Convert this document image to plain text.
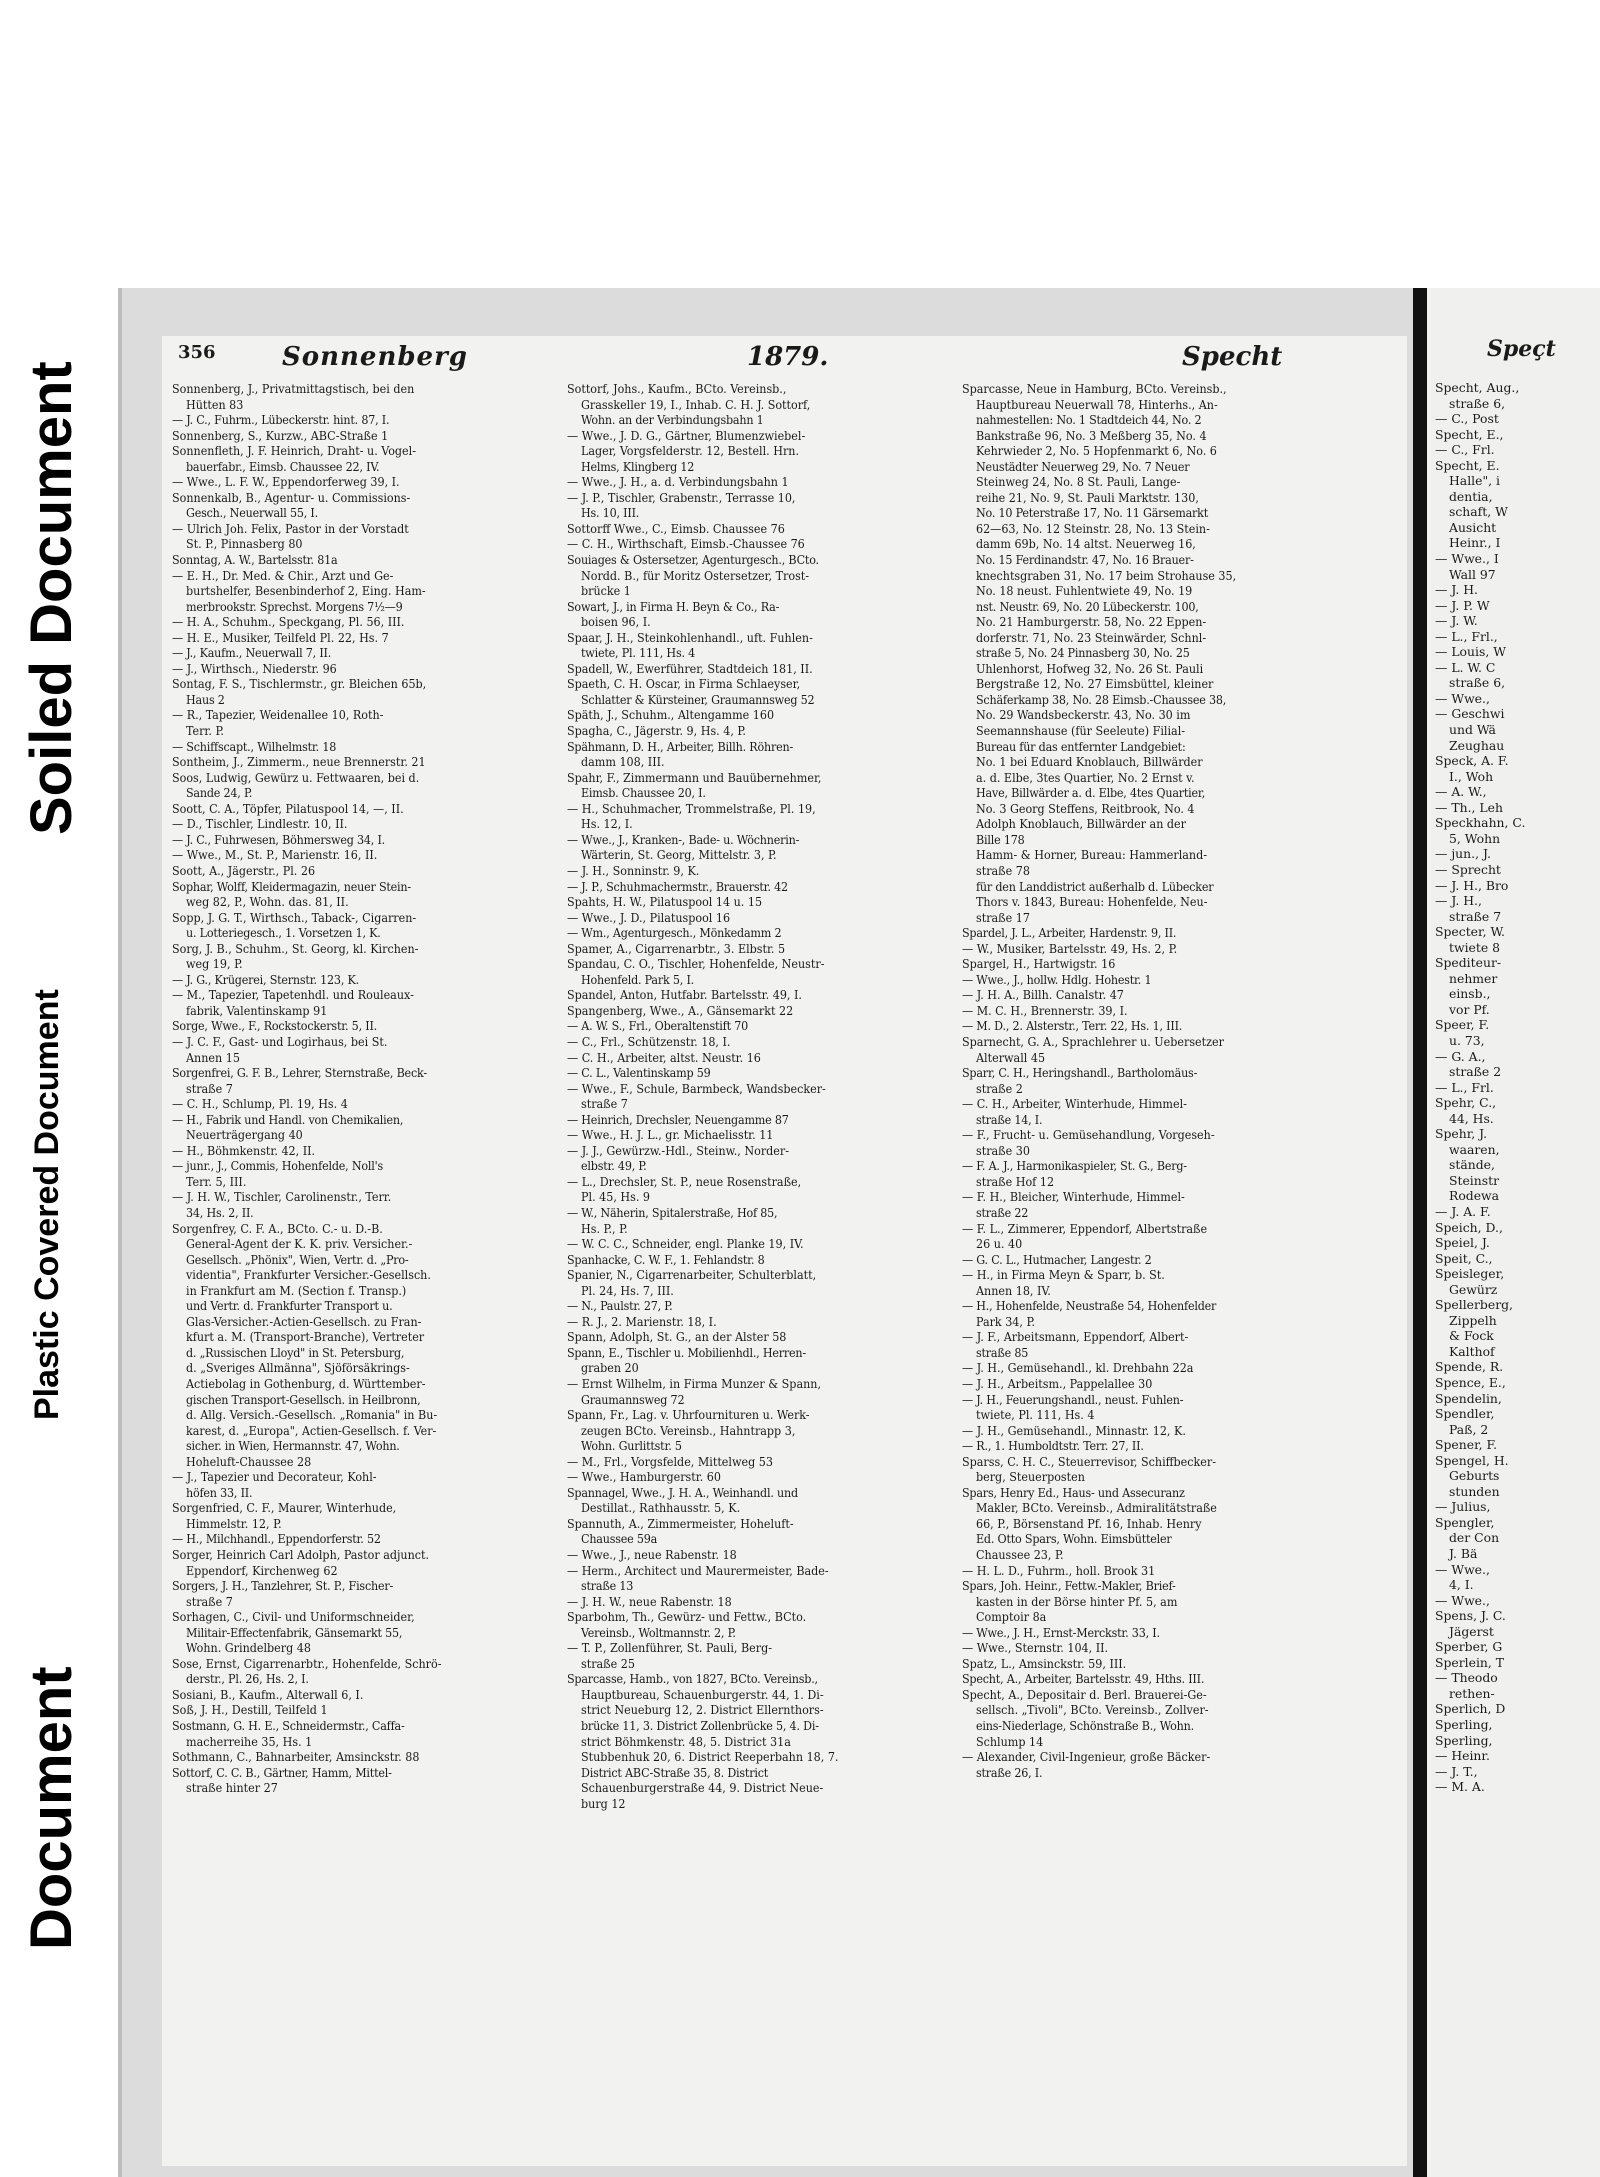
Soiled Document
Plastic Covered Document
Document
356	Sonnenberg	1879.	Specht
Sonnenberg, J., Privatmittagstisch, bei den
Hütten 83
— J. C., Fuhrm., Lübeckerstr. hint. 87, I.
Sonnenberg, S., Kurzw., ABC-Straße 1
Sonnenfleth, J. F. Heinrich, Draht- u. Vogel-
bauerfabr., Eimsb. Chaussee 22, IV.
— Wwe., L. F. W., Eppendorferweg 39, I.
Sonnenkalb, B., Agentur- u. Commissions-
Gesch., Neuerwall 55, I.
— Ulrich Joh. Felix, Pastor in der Vorstadt
St. P., Pinnasberg 80
Sonntag, A. W., Bartelsstr. 81a
— E. H., Dr. Med. & Chir., Arzt und Ge-
burtshelfer, Besenbinderhof 2, Eing. Ham-
merbrookstr. Sprechst. Morgens 7½—9
— H. A., Schuhm., Speckgang, Pl. 56, III.
— H. E., Musiker, Teilfeld Pl. 22, Hs. 7
— J., Kaufm., Neuerwall 7, II.
— J., Wirthsch., Niederstr. 96
Sontag, F. S., Tischlermstr., gr. Bleichen 65b,
Haus 2
— R., Tapezier, Weidenallee 10, Roth-
Terr. P.
— Schiffscapt., Wilhelmstr. 18
Sontheim, J., Zimmerm., neue Brennerstr. 21
Soos, Ludwig, Gewürz u. Fettwaaren, bei d.
Sande 24, P.
Soott, C. A., Töpfer, Pilatuspool 14, —, II.
— D., Tischler, Lindlestr. 10, II.
— J. C., Fuhrwesen, Böhmersweg 34, I.
— Wwe., M., St. P., Marienstr. 16, II.
Soott, A., Jägerstr., Pl. 26
Sophar, Wolff, Kleidermagazin, neuer Stein-
weg 82, P., Wohn. das. 81, II.
Sopp, J. G. T., Wirthsch., Taback-, Cigarren-
u. Lotteriegesch., 1. Vorsetzen 1, K.
Sorg, J. B., Schuhm., St. Georg, kl. Kirchen-
weg 19, P.
— J. G., Krügerei, Sternstr. 123, K.
— M., Tapezier, Tapetenhdl. und Rouleaux-
fabrik, Valentinskamp 91
Sorge, Wwe., F., Rockstockerstr. 5, II.
— J. C. F., Gast- und Logirhaus, bei St.
Annen 15
Sorgenfrei, G. F. B., Lehrer, Sternstraße, Beck-
straße 7
— C. H., Schlump, Pl. 19, Hs. 4
— H., Fabrik und Handl. von Chemikalien,
Neuerträgergang 40
— H., Böhmkenstr. 42, II.
— junr., J., Commis, Hohenfelde, Noll's
Terr. 5, III.
— J. H. W., Tischler, Carolinenstr., Terr.
34, Hs. 2, II.
Sorgenfrey, C. F. A., BCto. C.- u. D.-B.
General-Agent der K. K. priv. Versicher.-
Gesellsch. „Phönix", Wien, Vertr. d. „Pro-
videntia", Frankfurter Versicher.-Gesellsch.
in Frankfurt am M. (Section f. Transp.)
und Vertr. d. Frankfurter Transport u.
Glas-Versicher.-Actien-Gesellsch. zu Fran-
kfurt a. M. (Transport-Branche), Vertreter
d. „Russischen Lloyd" in St. Petersburg,
d. „Sveriges Allmänna", Sjöförsäkrings-
Actiebolag in Gothenburg, d. Württember-
gischen Transport-Gesellsch. in Heilbronn,
d. Allg. Versich.-Gesellsch. „Romania" in Bu-
karest, d. „Europa", Actien-Gesellsch. f. Ver-
sicher. in Wien, Hermannstr. 47, Wohn.
Hoheluft-Chaussee 28
— J., Tapezier und Decorateur, Kohl-
höfen 33, II.
Sorgenfried, C. F., Maurer, Winterhude,
Himmelstr. 12, P.
— H., Milchhandl., Eppendorferstr. 52
Sorger, Heinrich Carl Adolph, Pastor adjunct.
Eppendorf, Kirchenweg 62
Sorgers, J. H., Tanzlehrer, St. P., Fischer-
straße 7
Sorhagen, C., Civil- und Uniformschneider,
Militair-Effectenfabrik, Gänsemarkt 55,
Wohn. Grindelberg 48
Sose, Ernst, Cigarrenarbtr., Hohenfelde, Schrö-
derstr., Pl. 26, Hs. 2, I.
Sosiani, B., Kaufm., Alterwall 6, I.
Soß, J. H., Destill, Teilfeld 1
Sostmann, G. H. E., Schneidermstr., Caffa-
macherreihe 35, Hs. 1
Sothmann, C., Bahnarbeiter, Amsinckstr. 88
Sottorf, C. C. B., Gärtner, Hamm, Mittel-
straße hinter 27
Sottorf, Johs., Kaufm., BCto. Vereinsb.,
Grasskeller 19, I., Inhab. C. H. J. Sottorf,
Wohn. an der Verbindungsbahn 1
— Wwe., J. D. G., Gärtner, Blumenzwiebel-
Lager, Vorgsfelderstr. 12, Bestell. Hrn.
Helms, Klingberg 12
— Wwe., J. H., a. d. Verbindungsbahn 1
— J. P., Tischler, Grabenstr., Terrasse 10,
Hs. 10, III.
Sottorff Wwe., C., Eimsb. Chaussee 76
— C. H., Wirthschaft, Eimsb.-Chaussee 76
Souiages & Ostersetzer, Agenturgesch., BCto.
Nordd. B., für Moritz Ostersetzer, Trost-
brücke 1
Sowart, J., in Firma H. Beyn & Co., Ra-
boisen 96, I.
Spaar, J. H., Steinkohlenhandl., uft. Fuhlen-
twiete, Pl. 111, Hs. 4
Spadell, W., Ewerführer, Stadtdeich 181, II.
Spaeth, C. H. Oscar, in Firma Schlaeyser,
Schlatter & Kürsteiner, Graumannsweg 52
Späth, J., Schuhm., Altengamme 160
Spagha, C., Jägerstr. 9, Hs. 4, P.
Spähmann, D. H., Arbeiter, Billh. Röhren-
damm 108, III.
Spahr, F., Zimmermann und Bauübernehmer,
Eimsb. Chaussee 20, I.
— H., Schuhmacher, Trommelstraße, Pl. 19,
Hs. 12, I.
— Wwe., J., Kranken-, Bade- u. Wöchnerin-
Wärterin, St. Georg, Mittelstr. 3, P.
— J. H., Sonninstr. 9, K.
— J. P., Schuhmachermstr., Brauerstr. 42
Spahts, H. W., Pilatuspool 14 u. 15
— Wwe., J. D., Pilatuspool 16
— Wm., Agenturgesch., Mönkedamm 2
Spamer, A., Cigarrenarbtr., 3. Elbstr. 5
Spandau, C. O., Tischler, Hohenfelde, Neustr-
Hohenfeld. Park 5, I.
Spandel, Anton, Hutfabr. Bartelsstr. 49, I.
Spangenberg, Wwe., A., Gänsemarkt 22
— A. W. S., Frl., Oberaltenstift 70
— C., Frl., Schützenstr. 18, I.
— C. H., Arbeiter, altst. Neustr. 16
— C. L., Valentinskamp 59
— Wwe., F., Schule, Barmbeck, Wandsbecker-
straße 7
— Heinrich, Drechsler, Neuengamme 87
— Wwe., H. J. L., gr. Michaelisstr. 11
— J. J., Gewürzw.-Hdl., Steinw., Norder-
elbstr. 49, P.
— L., Drechsler, St. P., neue Rosenstraße,
Pl. 45, Hs. 9
— W., Näherin, Spitalerstraße, Hof 85,
Hs. P., P.
— W. C. C., Schneider, engl. Planke 19, IV.
Spanhacke, C. W. F., 1. Fehlandstr. 8
Spanier, N., Cigarrenarbeiter, Schulterblatt,
Pl. 24, Hs. 7, III.
— N., Paulstr. 27, P.
— R. J., 2. Marienstr. 18, I.
Spann, Adolph, St. G., an der Alster 58
Spann, E., Tischler u. Mobilienhdl., Herren-
graben 20
— Ernst Wilhelm, in Firma Munzer & Spann,
Graumannsweg 72
Spann, Fr., Lag. v. Uhrfournituren u. Werk-
zeugen BCto. Vereinsb., Hahntrapp 3,
Wohn. Gurlittstr. 5
— M., Frl., Vorgsfelde, Mittelweg 53
— Wwe., Hamburgerstr. 60
Spannagel, Wwe., J. H. A., Weinhandl. und
Destillat., Rathhausstr. 5, K.
Spannuth, A., Zimmermeister, Hoheluft-
Chaussee 59a
— Wwe., J., neue Rabenstr. 18
— Herm., Architect und Maurermeister, Bade-
straße 13
— J. H. W., neue Rabenstr. 18
Sparbohm, Th., Gewürz- und Fettw., BCto.
Vereinsb., Woltmannstr. 2, P.
— T. P., Zollenführer, St. Pauli, Berg-
straße 25
Sparcasse, Hamb., von 1827, BCto. Vereinsb.,
Hauptbureau, Schauenburgerstr. 44, 1. Di-
strict Neueburg 12, 2. District Ellernthors-
brücke 11, 3. District Zollenbrücke 5, 4. Di-
strict Böhmkenstr. 48, 5. District 31a
Stubbenhuk 20, 6. District Reeperbahn 18, 7.
District ABC-Straße 35, 8. District
Schauenburgerstraße 44, 9. District Neue-
burg 12
Sparcasse, Neue in Hamburg, BCto. Vereinsb.,
Hauptbureau Neuerwall 78, Hinterhs., An-
nahmestellen: No. 1 Stadtdeich 44, No. 2
Bankstraße 96, No. 3 Meßberg 35, No. 4
Kehrwieder 2, No. 5 Hopfenmarkt 6, No. 6
Neustädter Neuerweg 29, No. 7 Neuer
Steinweg 24, No. 8 St. Pauli, Lange-
reihe 21, No. 9, St. Pauli Marktstr. 130,
No. 10 Peterstraße 17, No. 11 Gärsemarkt
62—63, No. 12 Steinstr. 28, No. 13 Stein-
damm 69b, No. 14 altst. Neuerweg 16,
No. 15 Ferdinandstr. 47, No. 16 Brauer-
knechtsgraben 31, No. 17 beim Strohause 35,
No. 18 neust. Fuhlentwiete 49, No. 19
nst. Neustr. 69, No. 20 Lübeckerstr. 100,
No. 21 Hamburgerstr. 58, No. 22 Eppen-
dorferstr. 71, No. 23 Steinwärder, Schnl-
straße 5, No. 24 Pinnasberg 30, No. 25
Uhlenhorst, Hofweg 32, No. 26 St. Pauli
Bergstraße 12, No. 27 Eimsbüttel, kleiner
Schäferkamp 38, No. 28 Eimsb.-Chaussee 38,
No. 29 Wandsbeckerstr. 43, No. 30 im
Seemannshause (für Seeleute) Filial-
Bureau für das entfernter Landgebiet:
No. 1 bei Eduard Knoblauch, Billwärder
a. d. Elbe, 3tes Quartier, No. 2 Ernst v.
Have, Billwärder a. d. Elbe, 4tes Quartier,
No. 3 Georg Steffens, Reitbrook, No. 4
Adolph Knoblauch, Billwärder an der
Bille 178
Hamm- & Horner, Bureau: Hammerland-
straße 78
für den Landdistrict außerhalb d. Lübecker
Thors v. 1843, Bureau: Hohenfelde, Neu-
straße 17
Spardel, J. L., Arbeiter, Hardenstr. 9, II.
— W., Musiker, Bartelsstr. 49, Hs. 2, P.
Spargel, H., Hartwigstr. 16
— Wwe., J., hollw. Hdlg. Hohestr. 1
— J. H. A., Billh. Canalstr. 47
— M. C. H., Brennerstr. 39, I.
— M. D., 2. Alsterstr., Terr. 22, Hs. 1, III.
Sparnecht, G. A., Sprachlehrer u. Uebersetzer
Alterwall 45
Sparr, C. H., Heringshandl., Bartholomäus-
straße 2
— C. H., Arbeiter, Winterhude, Himmel-
straße 14, I.
— F., Frucht- u. Gemüsehandlung, Vorgeseh-
straße 30
— F. A. J., Harmonikaspieler, St. G., Berg-
straße Hof 12
— F. H., Bleicher, Winterhude, Himmel-
straße 22
— F. L., Zimmerer, Eppendorf, Albertstraße
26 u. 40
— G. C. L., Hutmacher, Langestr. 2
— H., in Firma Meyn & Sparr, b. St.
Annen 18, IV.
— H., Hohenfelde, Neustraße 54, Hohenfelder
Park 34, P.
— J. F., Arbeitsmann, Eppendorf, Albert-
straße 85
— J. H., Gemüsehandl., kl. Drehbahn 22a
— J. H., Arbeitsm., Pappelallee 30
— J. H., Feuerungshandl., neust. Fuhlen-
twiete, Pl. 111, Hs. 4
— J. H., Gemüsehandl., Minnastr. 12, K.
— R., 1. Humboldtstr. Terr. 27, II.
Sparss, C. H. C., Steuerrevisor, Schiffbecker-
berg, Steuerposten
Spars, Henry Ed., Haus- und Assecuranz
Makler, BCto. Vereinsb., Admiralitätstraße
66, P., Börsenstand Pf. 16, Inhab. Henry
Ed. Otto Spars, Wohn. Eimsbütteler
Chaussee 23, P.
— H. L. D., Fuhrm., holl. Brook 31
Spars, Joh. Heinr., Fettw.-Makler, Brief-
kasten in der Börse hinter Pf. 5, am
Comptoir 8a
— Wwe., J. H., Ernst-Merckstr. 33, I.
— Wwe., Sternstr. 104, II.
Spatz, L., Amsinckstr. 59, III.
Specht, A., Arbeiter, Bartelsstr. 49, Hths. III.
Specht, A., Depositair d. Berl. Brauerei-Ge-
sellsch. „Tivoli", BCto. Vereinsb., Zollver-
eins-Niederlage, Schönstraße B., Wohn.
Schlump 14
— Alexander, Civil-Ingenieur, große Bäcker-
straße 26, I.
Speçt
Specht, Aug.,
straße 6,
— C., Post
Specht, E.,
— C., Frl.
Specht, E.
Halle", i
dentia,
schaft, W
Ausicht
Heinr., I
— Wwe., I
Wall 97
— J. H.
— J. P. W
— J. W.
— L., Frl.,
— Louis, W
— L. W. C
straße 6,
— Wwe.,
— Geschwi
und Wä
Zeughau
Speck, A. F.
I., Woh
— A. W.,
— Th., Leh
Speckhahn, C.
5, Wohn
— jun., J.
— Sprecht
— J. H., Bro
— J. H.,
straße 7
Specter, W.
twiete 8
Spediteur-
nehmer
einsb.,
vor Pf.
Speer, F.
u. 73,
— G. A.,
straße 2
— L., Frl.
Spehr, C.,
44, Hs.
Spehr, J.
waaren,
stände,
Steinstr
Rodewa
— J. A. F.
Speich, D.,
Speiel, J.
Speit, C.,
Speisleger,
Gewürz
Spellerberg,
Zippelh
& Fock
Kalthof
Spende, R.
Spence, E.,
Spendelin,
Spendler,
Paß, 2
Spener, F.
Spengel, H.
Geburts
stunden
— Julius,
Spengler,
der Con
J. Bä
— Wwe.,
4, I.
— Wwe.,
Spens, J. C.
Jägerst
Sperber, G
Sperlein, T
— Theodo
rethen-
Sperlich, D
Sperling,
Sperling,
— Heinr.
— J. T.,
— M. A.
